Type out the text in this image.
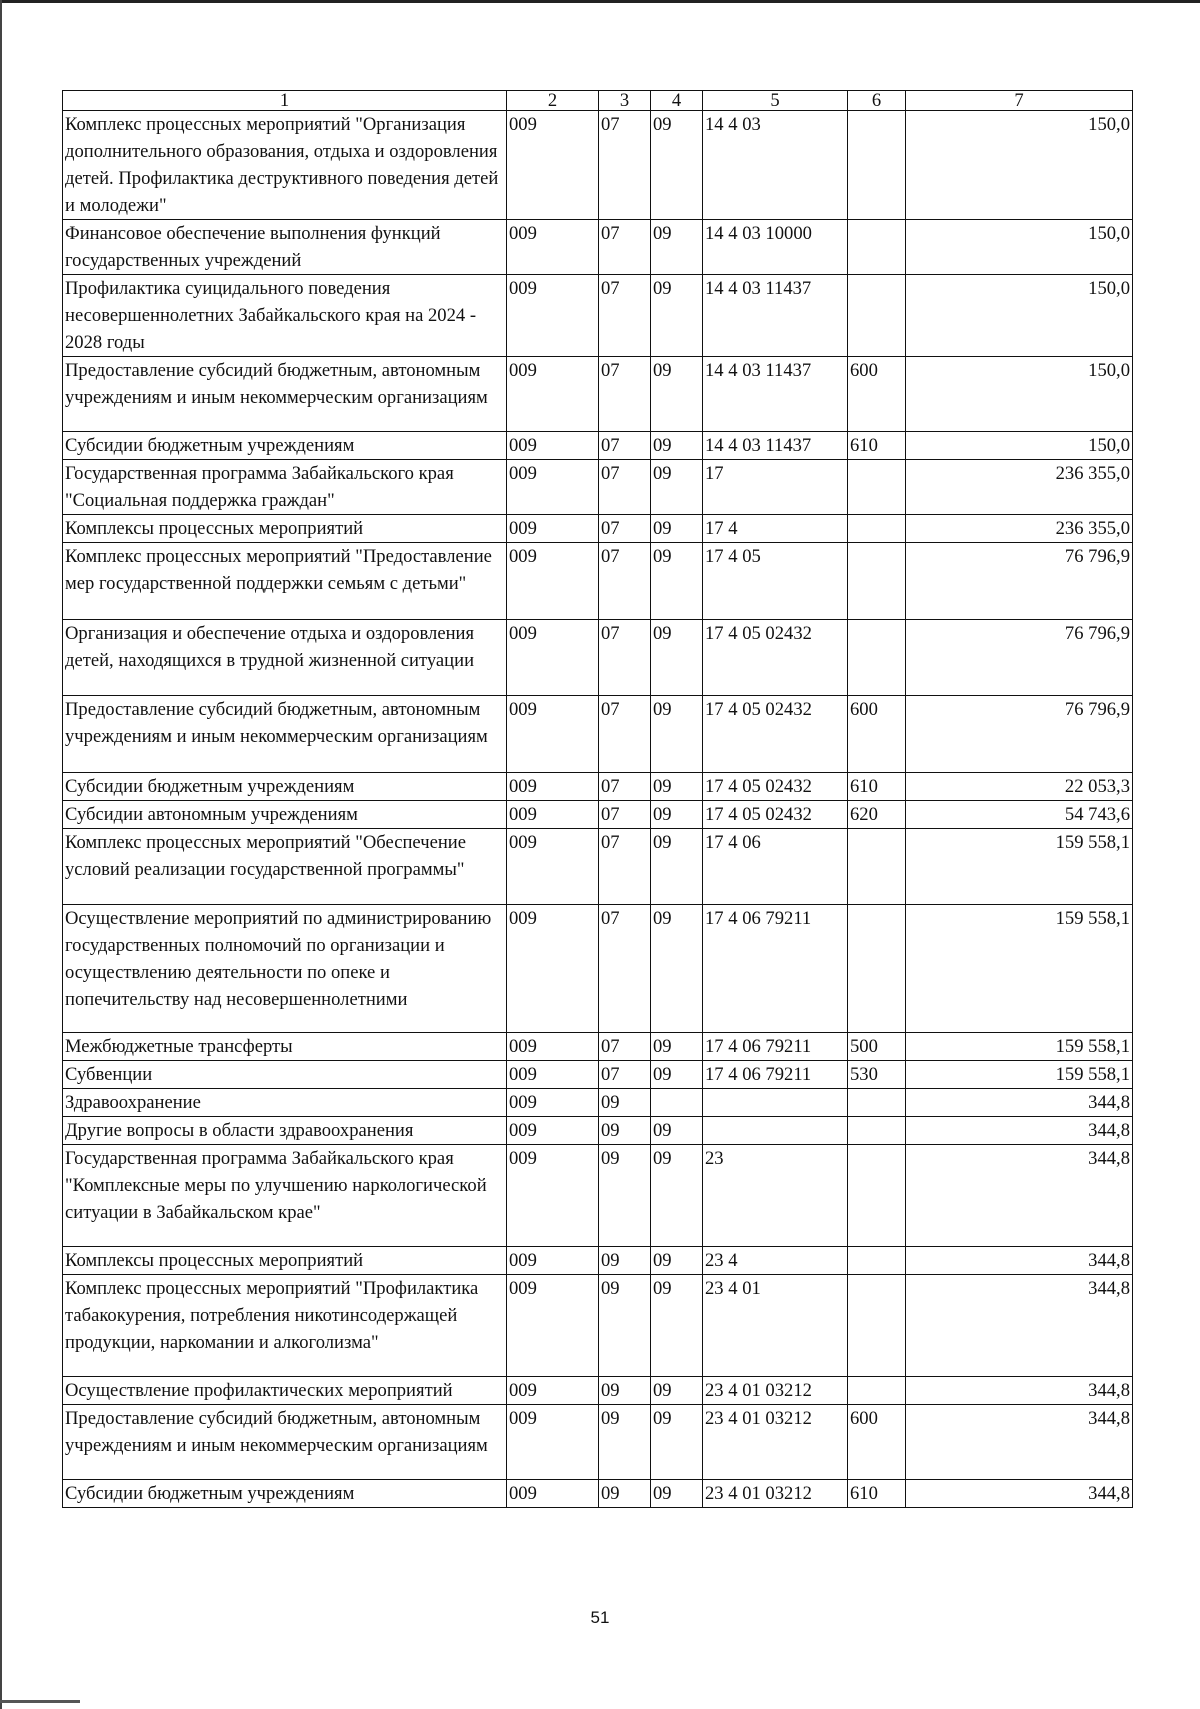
1	2	3	4	5	6	7
Комплекс процессных мероприятий "Организация дополнительного образования, отдыха и оздоровления детей. Профилактика деструктивного поведения детей и молодежи"	009	07	09	14 4 03		150,0
Финансовое обеспечение выполнения функций государственных учреждений	009	07	09	14 4 03 10000		150,0
Профилактика суицидального поведения несовершеннолетних Забайкальского края на 2024 - 2028 годы	009	07	09	14 4 03 11437		150,0
Предоставление субсидий бюджетным, автономным учреждениям и иным некоммерческим организациям	009	07	09	14 4 03 11437	600	150,0
Субсидии бюджетным учреждениям	009	07	09	14 4 03 11437	610	150,0
Государственная программа Забайкальского края "Социальная поддержка граждан"	009	07	09	17		236 355,0
Комплексы процессных мероприятий	009	07	09	17 4		236 355,0
Комплекс процессных мероприятий "Предоставление мер государственной поддержки семьям с детьми"	009	07	09	17 4 05		76 796,9
Организация и обеспечение отдыха и оздоровления детей, находящихся в трудной жизненной ситуации	009	07	09	17 4 05 02432		76 796,9
Предоставление субсидий бюджетным, автономным учреждениям и иным некоммерческим организациям	009	07	09	17 4 05 02432	600	76 796,9
Субсидии бюджетным учреждениям	009	07	09	17 4 05 02432	610	22 053,3
Субсидии автономным учреждениям	009	07	09	17 4 05 02432	620	54 743,6
Комплекс процессных мероприятий "Обеспечение условий реализации государственной программы"	009	07	09	17 4 06		159 558,1
Осуществление мероприятий по администрированию государственных полномочий по организации и осуществлению деятельности по опеке и попечительству над несовершеннолетними	009	07	09	17 4 06 79211		159 558,1
Межбюджетные трансферты	009	07	09	17 4 06 79211	500	159 558,1
Субвенции	009	07	09	17 4 06 79211	530	159 558,1
Здравоохранение	009	09				344,8
Другие вопросы в области здравоохранения	009	09	09			344,8
Государственная программа Забайкальского края "Комплексные меры по улучшению наркологической ситуации в Забайкальском крае"	009	09	09	23		344,8
Комплексы процессных мероприятий	009	09	09	23 4		344,8
Комплекс процессных мероприятий "Профилактика табакокурения, потребления никотинсодержащей продукции, наркомании и алкоголизма"	009	09	09	23 4 01		344,8
Осуществление профилактических мероприятий	009	09	09	23 4 01 03212		344,8
Предоставление субсидий бюджетным, автономным учреждениям и иным некоммерческим организациям	009	09	09	23 4 01 03212	600	344,8
Субсидии бюджетным учреждениям	009	09	09	23 4 01 03212	610	344,8
51
